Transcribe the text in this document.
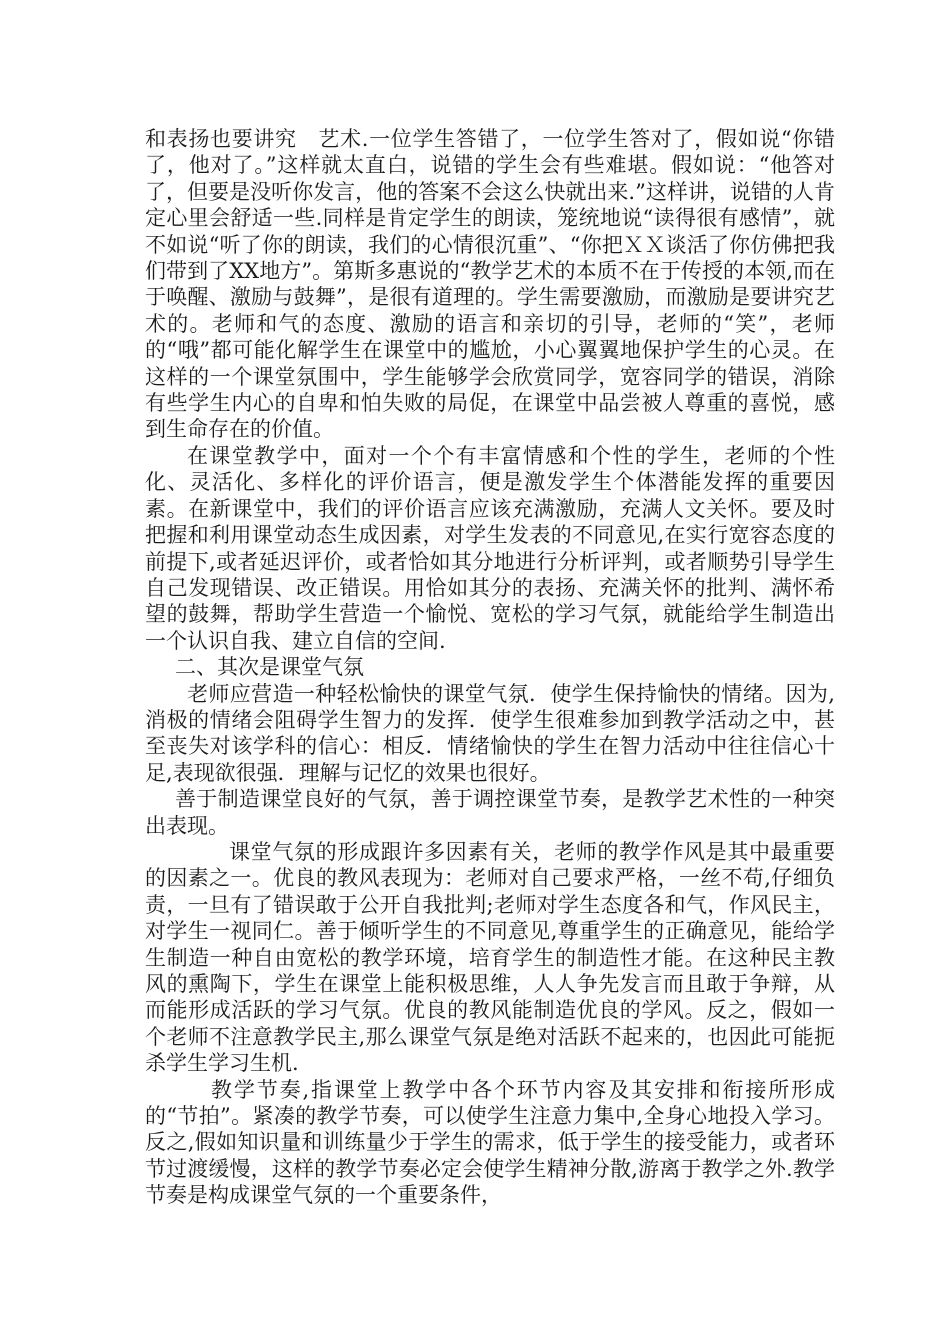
和表扬也要讲究　艺术.一位学生答错了，一位学生答对了，假如说“你错了，他对了。”这样就太直白，说错的学生会有些难堪。假如说：“他答对了，但要是没听你发言，他的答案不会这么快就出来.”这样讲，说错的人肯定心里会舒适一些.同样是肯定学生的朗读，笼统地说“读得很有感情”，就不如说“听了你的朗读，我们的心情很沉重”、“你把ＸＸ谈活了你仿佛把我们带到了XX地方”。第斯多惠说的“教学艺术的本质不在于传授的本领,而在于唤醒、激励与鼓舞”，是很有道理的。学生需要激励，而激励是要讲究艺术的。老师和气的态度、激励的语言和亲切的引导，老师的“笑”，老师的“哦”都可能化解学生在课堂中的尴尬，小心翼翼地保护学生的心灵。在这样的一个课堂氛围中，学生能够学会欣赏同学，宽容同学的错误，消除有些学生内心的自卑和怕失败的局促，在课堂中品尝被人尊重的喜悦，感到生命存在的价值。

在课堂教学中，面对一个个有丰富情感和个性的学生，老师的个性化、灵活化、多样化的评价语言，便是激发学生个体潜能发挥的重要因素。在新课堂中，我们的评价语言应该充满激励，充满人文关怀。要及时把握和利用课堂动态生成因素，对学生发表的不同意见,在实行宽容态度的前提下,或者延迟评价，或者恰如其分地进行分析评判，或者顺势引导学生自己发现错误、改正错误。用恰如其分的表扬、充满关怀的批判、满怀希望的鼓舞，帮助学生营造一个愉悦、宽松的学习气氛，就能给学生制造出一个认识自我、建立自信的空间.

二、其次是课堂气氛

老师应营造一种轻松愉快的课堂气氛．使学生保持愉快的情绪。因为,消极的情绪会阻碍学生智力的发挥．使学生很难参加到教学活动之中，甚至丧失对该学科的信心：相反．情绪愉快的学生在智力活动中往往信心十足,表现欲很强．理解与记忆的效果也很好。

善于制造课堂良好的气氛，善于调控课堂节奏，是教学艺术性的一种突出表现。

课堂气氛的形成跟许多因素有关，老师的教学作风是其中最重要的因素之一。优良的教风表现为：老师对自己要求严格，一丝不苟,仔细负责，一旦有了错误敢于公开自我批判;老师对学生态度各和气，作风民主，对学生一视同仁。善于倾听学生的不同意见,尊重学生的正确意见，能给学生制造一种自由宽松的教学环境，培育学生的制造性才能。在这种民主教风的熏陶下，学生在课堂上能积极思维，人人争先发言而且敢于争辩，从而能形成活跃的学习气氛。优良的教风能制造优良的学风。反之，假如一个老师不注意教学民主,那么课堂气氛是绝对活跃不起来的，也因此可能扼杀学生学习生机.

教学节奏,指课堂上教学中各个环节内容及其安排和衔接所形成的“节拍”。紧凑的教学节奏，可以使学生注意力集中,全身心地投入学习。反之,假如知识量和训练量少于学生的需求，低于学生的接受能力，或者环节过渡缓慢，这样的教学节奏必定会使学生精神分散,游离于教学之外.教学节奏是构成课堂气氛的一个重要条件，
